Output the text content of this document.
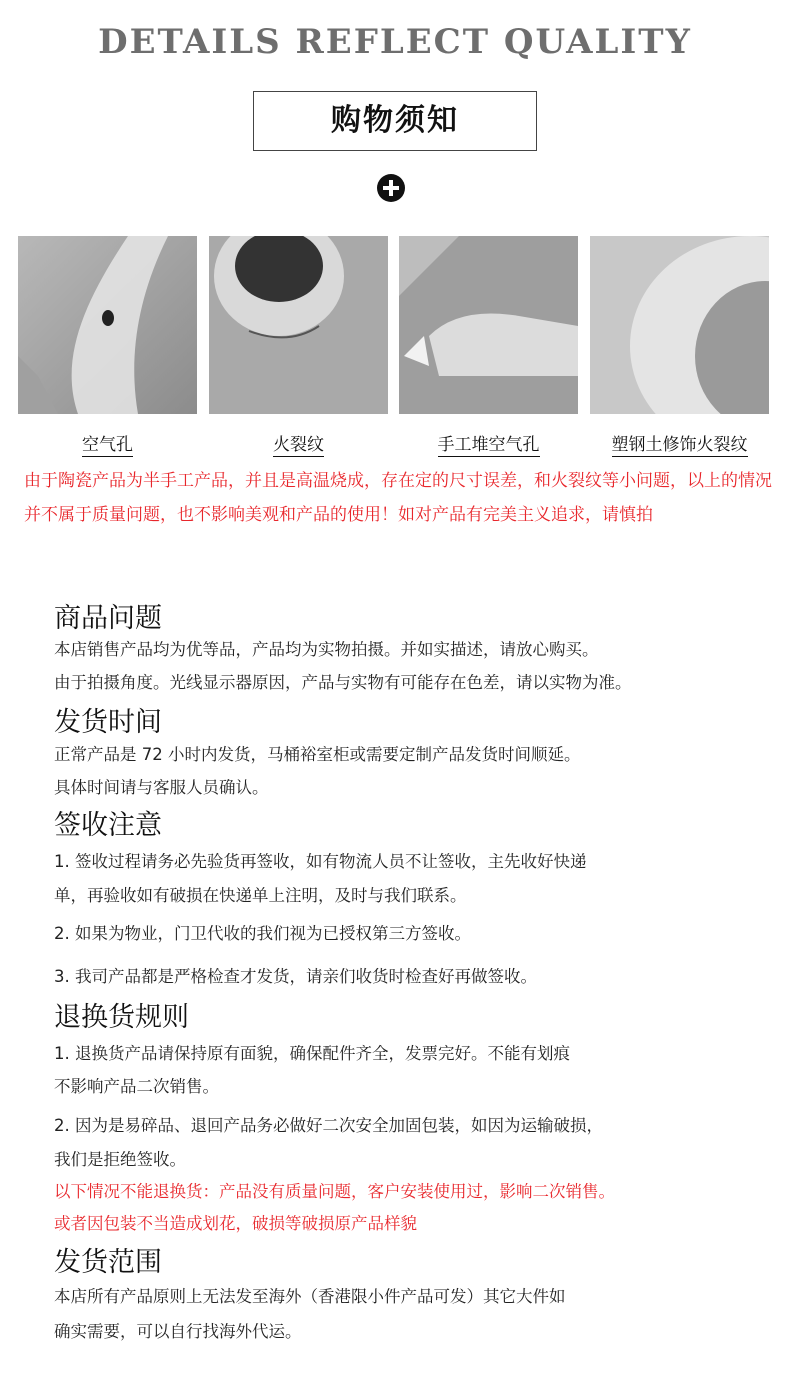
DETAILS REFLECT QUALITY
购物须知
空气孔	火裂纹	手工堆空气孔	塑钢土修饰火裂纹
由于陶瓷产品为半手工产品，并且是高温烧成，存在定的尺寸误差，和火裂纹等小问题，以上的情况并不属于质量问题，也不影响美观和产品的使用！如对产品有完美主义追求，请慎拍
商品问题
本店销售产品均为优等品，产品均为实物拍摄。并如实描述，请放心购买。
由于拍摄角度。光线显示器原因，产品与实物有可能存在色差，请以实物为准。
发货时间
正常产品是 72 小时内发货，马桶裕室柜或需要定制产品发货时间顺延。
具体时间请与客服人员确认。
签收注意
1. 签收过程请务必先验货再签收，如有物流人员不让签收，主先收好快递
单，再验收如有破损在快递单上注明，及时与我们联系。
2. 如果为物业，门卫代收的我们视为已授权第三方签收。
3. 我司产品都是严格检查才发货，请亲们收货时检查好再做签收。
退换货规则
1. 退换货产品请保持原有面貌，确保配件齐全，发票完好。不能有划痕
不影响产品二次销售。
2. 因为是易碎品、退回产品务必做好二次安全加固包装，如因为运输破损，
我们是拒绝签收。
以下情况不能退换货：产品没有质量问题，客户安装使用过，影响二次销售。
或者因包装不当造成划花，破损等破损原产品样貌
发货范围
本店所有产品原则上无法发至海外（香港限小件产品可发）其它大件如
确实需要，可以自行找海外代运。
